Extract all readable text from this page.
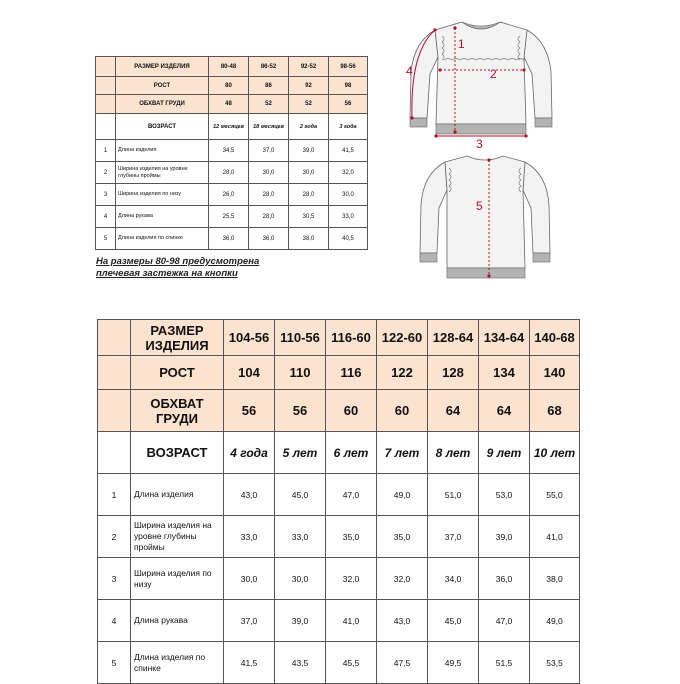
	РАЗМЕР ИЗДЕЛИЯ	80-48	86-52	92-52	98-56
	РОСТ	80	86	92	98
	ОБХВАТ ГРУДИ	48	52	52	56
	ВОЗРАСТ	12 месяцев	18 месяцев	2 года	3 года
1	Длина изделия	34,5	37,0	39,0	41,5
2	Ширина изделия на уровне глубины проймы	28,0	30,0	30,0	32,0
3	Ширина изделия по низу	26,0	28,0	28,0	30,0
4	Длина рукава	25,5	28,0	30,5	33,0
5	Длина изделия по спинке	36,0	36,0	38,0	40,5
На размеры 80-98 предусмотрена
плечевая застежка на кнопки
1
2
3
4
5
	РАЗМЕР ИЗДЕЛИЯ	104-56	110-56	116-60	122-60	128-64	134-64	140-68
	РОСТ	104	110	116	122	128	134	140
	ОБХВАТ ГРУДИ	56	56	60	60	64	64	68
	ВОЗРАСТ	4 года	5 лет	6 лет	7 лет	8 лет	9 лет	10 лет
1	Длина изделия	43,0	45,0	47,0	49,0	51,0	53,0	55,0
2	Ширина изделия на уровне глубины проймы	33,0	33,0	35,0	35,0	37,0	39,0	41,0
3	Ширина изделия по низу	30,0	30,0	32,0	32,0	34,0	36,0	38,0
4	Длина рукава	37,0	39,0	41,0	43,0	45,0	47,0	49,0
5	Длина изделия по спинке	41,5	43,5	45,5	47,5	49,5	51,5	53,5
